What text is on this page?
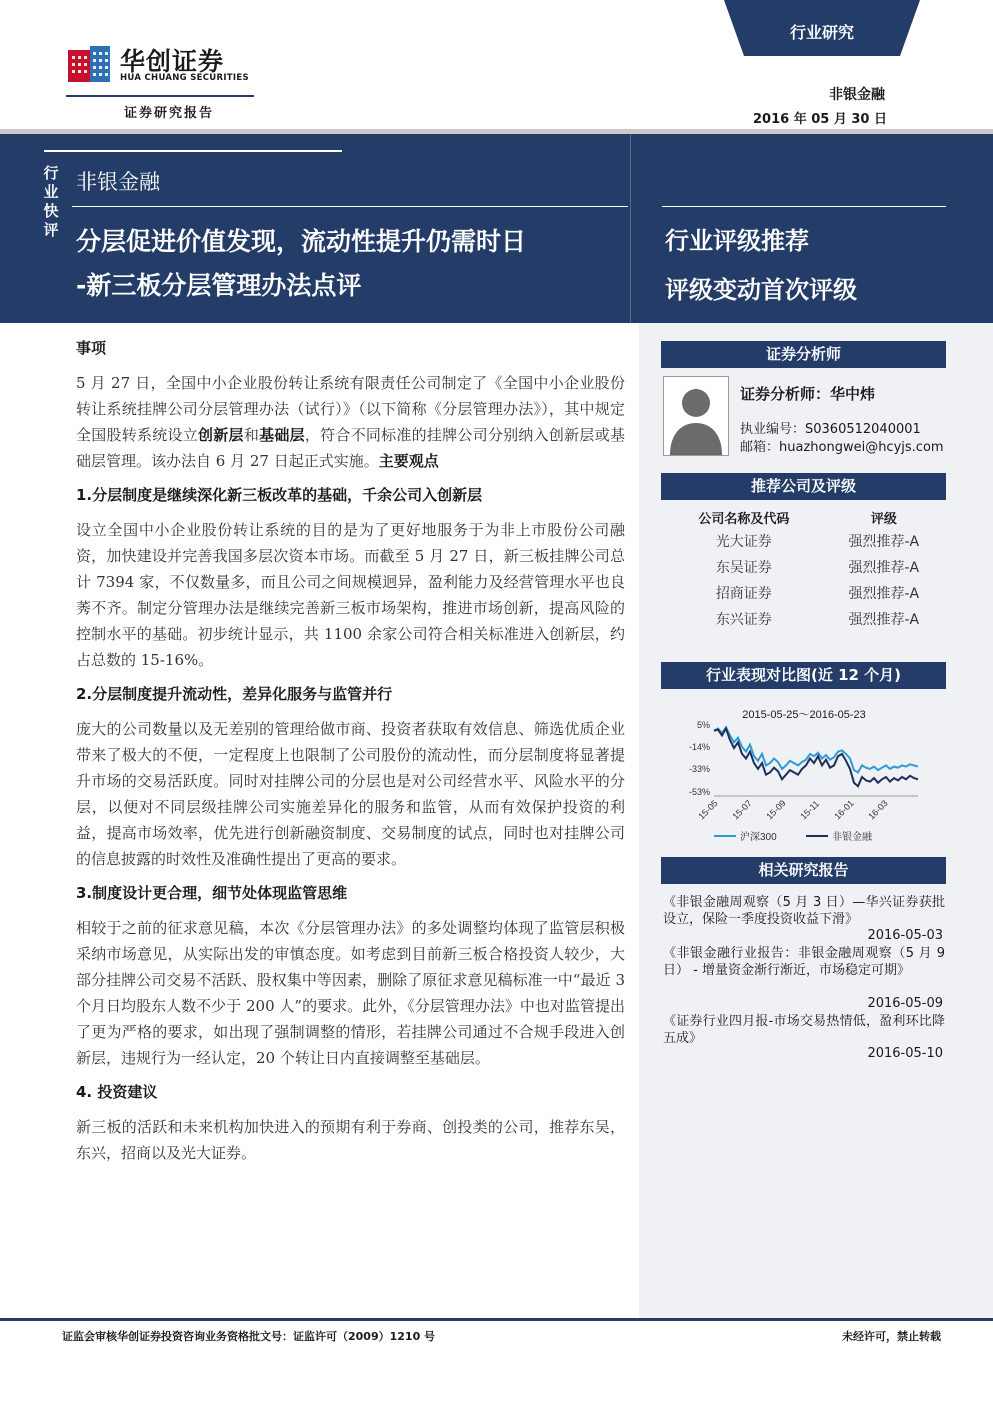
华创证券
HUA CHUANG SECURITIES
证券研究报告
行业研究
非银金融
2016 年 05 月 30 日
行
业
快
评
非银金融
分层促进价值发现，流动性提升仍需时日
-新三板分层管理办法点评
行业评级推荐
评级变动首次评级
证券分析师
证券分析师：华中炜
执业编号：S0360512040001
邮箱：huazhongwei@hcyjs.com
推荐公司及评级
公司名称及代码	评级
光大证券	强烈推荐-A
东吴证券	强烈推荐-A
招商证券	强烈推荐-A
东兴证券	强烈推荐-A
行业表现对比图(近 12 个月)
2015-05-25～2016-05-23
5%
-14%
-33%
-53%
15-05 15-07 15-09 15-11 16-01 16-03
沪深300	非银金融
相关研究报告
《非银金融周观察（5 月 3 日）—华兴证券获批设立，保险一季度投资收益下滑》
2016-05-03
《非银金融行业报告：非银金融周观察（5 月 9 日） - 增量资金渐行渐近，市场稳定可期》
2016-05-09
《证券行业四月报-市场交易热情低，盈利环比降五成》
2016-05-10
事项

5 月 27 日，全国中小企业股份转让系统有限责任公司制定了《全国中小企业股份转让系统挂牌公司分层管理办法（试行）》（以下简称《分层管理办法》），其中规定全国股转系统设立创新层和基础层，符合不同标准的挂牌公司分别纳入创新层或基础层管理。该办法自 6 月 27 日起正式实施。主要观点

1.分层制度是继续深化新三板改革的基础，千余公司入创新层

设立全国中小企业股份转让系统的目的是为了更好地服务于为非上市股份公司融资，加快建设并完善我国多层次资本市场。而截至 5 月 27 日，新三板挂牌公司总计 7394 家，不仅数量多，而且公司之间规模迥异，盈利能力及经营管理水平也良莠不齐。制定分管理办法是继续完善新三板市场架构，推进市场创新，提高风险的控制水平的基础。初步统计显示，共 1100 余家公司符合相关标准进入创新层，约占总数的 15-16%。

2.分层制度提升流动性，差异化服务与监管并行

庞大的公司数量以及无差别的管理给做市商、投资者获取有效信息、筛选优质企业带来了极大的不便，一定程度上也限制了公司股份的流动性，而分层制度将显著提升市场的交易活跃度。同时对挂牌公司的分层也是对公司经营水平、风险水平的分层，以便对不同层级挂牌公司实施差异化的服务和监管，从而有效保护投资的利益，提高市场效率，优先进行创新融资制度、交易制度的试点，同时也对挂牌公司的信息披露的时效性及准确性提出了更高的要求。

3.制度设计更合理，细节处体现监管思维

相较于之前的征求意见稿，本次《分层管理办法》的多处调整均体现了监管层积极采纳市场意见，从实际出发的审慎态度。如考虑到目前新三板合格投资人较少，大部分挂牌公司交易不活跃、股权集中等因素，删除了原征求意见稿标准一中“最近 3 个月日均股东人数不少于 200 人”的要求。此外，《分层管理办法》中也对监管提出了更为严格的要求，如出现了强制调整的情形，若挂牌公司通过不合规手段进入创新层，违规行为一经认定，20 个转让日内直接调整至基础层。

4. 投资建议

新三板的活跃和未来机构加快进入的预期有利于券商、创投类的公司，推荐东吴，东兴，招商以及光大证券。

证监会审核华创证券投资咨询业务资格批文号：证监许可（2009）1210 号	未经许可，禁止转载
